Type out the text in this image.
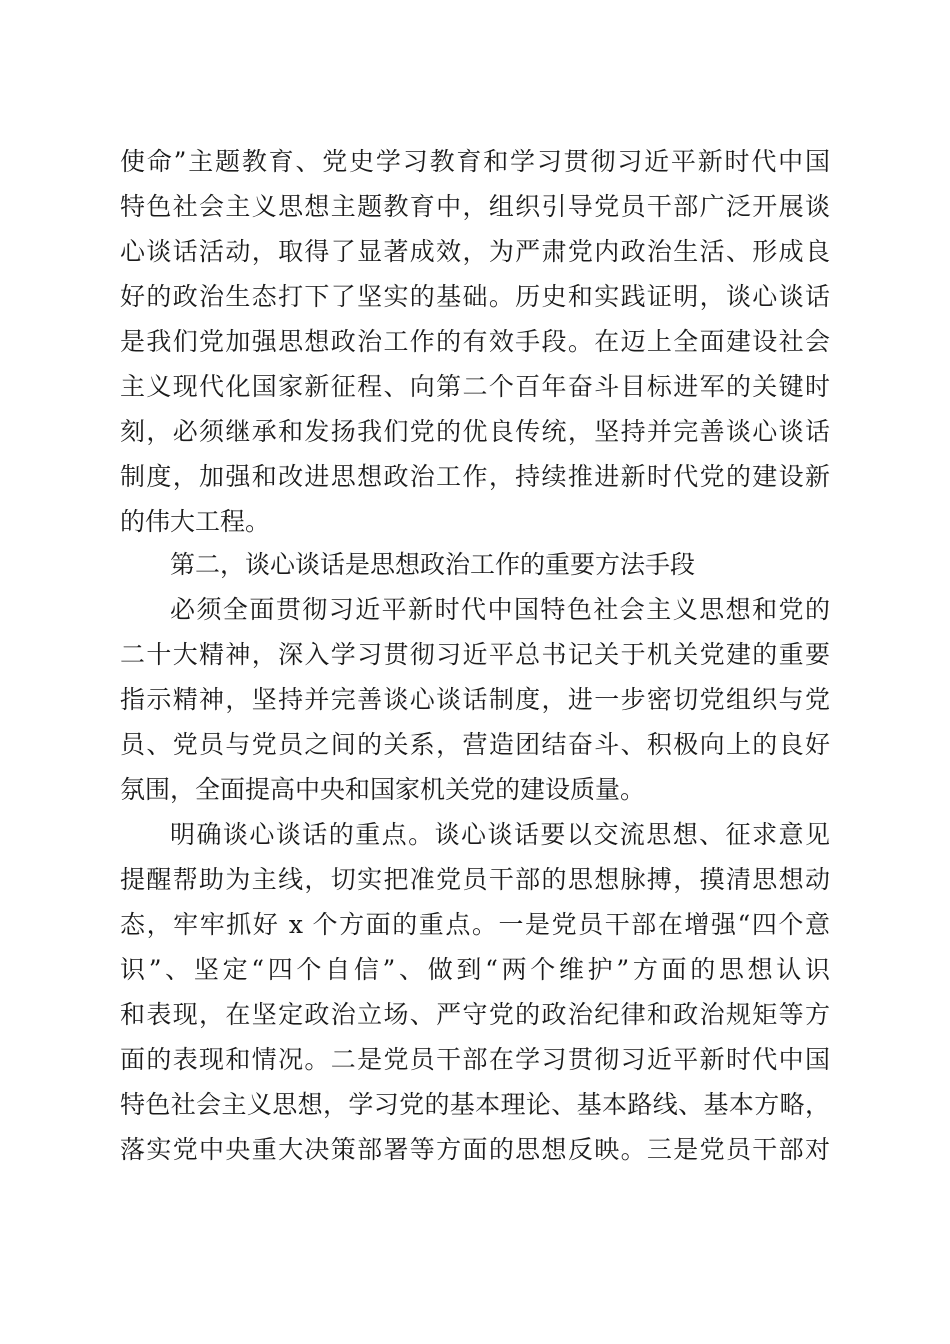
使命”主题教育、党史学习教育和学习贯彻习近平新时代中国
特色社会主义思想主题教育中，组织引导党员干部广泛开展谈
心谈话活动，取得了显著成效，为严肃党内政治生活、形成良
好的政治生态打下了坚实的基础。历史和实践证明，谈心谈话
是我们党加强思想政治工作的有效手段。在迈上全面建设社会
主义现代化国家新征程、向第二个百年奋斗目标进军的关键时
刻，必须继承和发扬我们党的优良传统，坚持并完善谈心谈话
制度，加强和改进思想政治工作，持续推进新时代党的建设新
的伟大工程。
第二，谈心谈话是思想政治工作的重要方法手段
必须全面贯彻习近平新时代中国特色社会主义思想和党的
二十大精神，深入学习贯彻习近平总书记关于机关党建的重要
指示精神，坚持并完善谈心谈话制度，进一步密切党组织与党
员、党员与党员之间的关系，营造团结奋斗、积极向上的良好
氛围，全面提高中央和国家机关党的建设质量。
明确谈心谈话的重点。谈心谈话要以交流思想、征求意见
提醒帮助为主线，切实把准党员干部的思想脉搏，摸清思想动
态，牢牢抓好 x 个方面的重点。一是党员干部在增强“四个意
识”、坚定“四个自信”、做到“两个维护”方面的思想认识
和表现，在坚定政治立场、严守党的政治纪律和政治规矩等方
面的表现和情况。二是党员干部在学习贯彻习近平新时代中国
特色社会主义思想，学习党的基本理论、基本路线、基本方略，
落实党中央重大决策部署等方面的思想反映。三是党员干部对
